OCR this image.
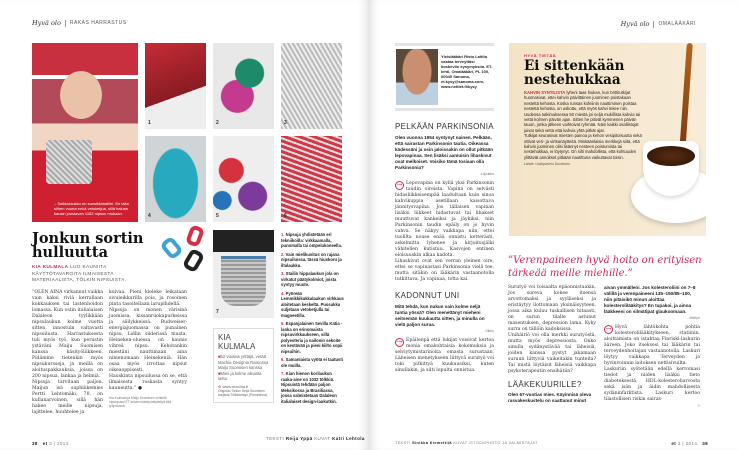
Hyvä olo RAKAS HARRASTUS
– Salkkulaukku on suosikkimallini. En laita siihen vuorta enkä vetoketjua, sillä haluan kausin joustavan 1152 nipsun mukaan.
1	2	3
4	5	6
7
Jonkun sortin hulluutta
KIA KULMALA LUO KAUNIITA KÄYTTÖTAVAROITA ILMAISESTA MATERIAALISTA, TÖLKIN NIPSUISTA.
”OLEN AINA virkannut vaikka vain kaksi riviä kerrallaan kokkauksen tai lastenhoidon lomassa. Kun ostin italialaisen Dalaleon tyylikkään nipsulaukun kolme vuotta sitten, innostuin valtavasti nipsuilusta. Harrastuksesta tuli myös työ, kun perustin ystäväni Maiju Suomisen kanssa käsityöliikkeen. Pidämme tietenkin myös nipsukursseja, ja meillä on aloituspakkauksia, joissa on 200 nipsua, lankaa ja helmiä.
Nipsuja tarvitaan paljon. Maijun isä suphliikemies Pertti Lehtomäki, 70, on kullanarvoinen, sillä hän hakee meille nipsuja, lajittelee, huuhtelee ja
kuivaa. Pieni kieleke leikataan sivuleikkurilla pois, ja rosoinen pinta tasoitellaan laruplhdellä.
Nipsuja on monen värisinä juomissa, kissanruokapurkeissa ja säilykkeissä. Budweiser-energiajuomassa on punainen nipsu, Lidlin siiderissä musta. Heineken-oluessa on kaunis vihreä nipsu. Kehotankin miestäni nauttimaan aina nimenomaan Heinekeniä. Hän osaa myös irrottaa nipsut oikeaoppisesti.
Hauskinta nipsuilussa on se, että ilmaisesta roskasta syntyy kauneutta.” ●
Kia Kulmala ja Maiju Suominen veistelit nipsupussi ET-lehden käsityönäyttelyä eitä työpisussa.
KIA KULMALA
■52-vuotias yrittäjä, vetää Machia Designia Raisiossa Maiju Suomisen kanssa
■Mies ja kolme aikuista lasta
⊕ www.machia.fi
Obgekto Tiekov Seija Suomisen korjasta Tölkkdesign (Pieosilinna)
1. Nipsuja yhdistetään eri tekniikoilla: virkkaamalla, punomalla tai ompelukoneella.
2. Vain mielikuvitus on rajana nipsuiluissa, tässä hiuskoru ja iltalaukku.
3. Stailin hippalaukun jola on virkatut päätykolmiot, joista syntyy muoto.
4. Pyöreän Lemmikkikukkalaukun virkkaus aloitetaan keskeltä. Pussukka suljetaan vetoketjulla tai magneetilla.
5. Espanjalainen Sevilla Katia -lanka on erinomaista nipsuvirkkaukseen, sillä polyesteria ja nailonin sekoite on kestävää ja pieni kiilto sopii nipsuihin.
6. Samanlaista vyötä ei taatusti ole muilla.
7. Kian hienon korilaukun raaka-aine on 1032 tölkkiä. Nipsuistä tehdään paljon Meksikossa ja Brasiliassa, jossa valmistetaan Dalaleon italialaiset design-laukutkin.
TEKSTI Reija Yppä KUVAT Katri Lehtola
38 et 3 | 2014
Hyvä olo OMALÄÄKÄRI
Yleislääkäri Risto Laitila vastaa terveyttäsi koskeviin kysymyksiin. ET-lehti, Omalääkäri, PL 100, 00040 Sanoma, et.kysy@sanoma.com, www.nettiet.fi/kysy
PELKÄÄN PARKINSONIA
Olen vuonna 1954 syntynyt nainen. Pelkään, että sairastan Parkinsonin tautia. Oikeassa kädessäni ja osin jaloissakin on ollut pitkään lepovapinaa. Sen lisäksi aamuisin lihaskivut ovat melkoiset. Voisiko tämä tosiaan olla Parkinsonia?
-Lilpukko
→ Lepovapina on kyllä yksi Parkinsonin taudin oireista. Vapina on selvästi hidasliikkeisempää laadultaan kuin sinoa kahvikuppia asetillaan kaisottava jännitysvapina. Jos tällaisen vapinan lisäksi liikkeet hidastuvat tai lihakset muuttuvat kankeiksi ja jäykiksi, niin Parkinsonin taudin epäily on jo hyvin vahva. Se näkyy vaikkapa niin, ettei tuolilta nouse enää onnistu ketterästi, askelmitta lyhenee ja kirjoitusjälki vähitellen kutistuu. Kasvojen entinen eloisuuskin alkaa kadota.
Lihaskivut ovat sen verran yleinen oire, ettei se vapinastasi Parkinsonia vielä tee, mutta sitäkin on lääkärin vastaanotolla tutkittava. Ja vapinaa, totta kai.
KADONNUT UNI
Mitä tehdä, kun nukun vain kolme neljä tuntia yössä? Olen menettänyt mieheni seitsemän kuukautta sitten, ja minulla on vielä paljon surua.
-Vikey
→ Epäilenpä että lukijat voisivat kertoa monia omakohtaisia kokemuksia ja selviytymistarinoita omasta surustaan. Läheisen menetykseen liittyvä surutyö voi toki pitkittyä kuukausiksi, kuten sinullakin, ja silti lopulta onnistua.
HYVÄ TIETÄÄ
Ei sittenkään nestehukkaa
KAHVIN SYNTILISTA lyheni taas hiukan, kun brittitutkijat huomasivat, ettei kahvin päivittäinen juominen poistakaan nestettä kehosta. Koska runsas kofeiinin nauttiminen poistaa nestettä kehosta, on uskottu, että myös kahvi tekee niin.
Uudessa tutkimuksessa 50 miestä joi neljä mukillista kahvia tai vettä kolmen päivän ajan. Sitten he pitivät kymmenen päivän tauon, jonka jälkeen vaihtoivat ryhmää. Näin kaikki osallistujat joivat sekä vettä että kahvia yhtä pitkät ajat.
Tutkijat seurasivat miesten painoa ja kehon vesipitoisuutta sekä ottivat veri- ja virtsanäytteitä. Minkäänlaisia merkkejä siitä, että kahvin juominen olisi lisännyt nesteen poistumista tai nestehukkaa, ei löytynyt. On silti mahdollista, että kohtuuden ylittävät annokset pitkään nautittuna vaikuttavat toisin.
Lähde: Uutispalvelu Duodecim
”Verenpaineen hyvä hoito on erityisen tärkeää meille miehille.”
Surutyö voi toisaalta epäonnistuakin. Jos sureva kokee itsensä arvottomaksi ja syylliseksi ja eristäytyy ilottomaan yksinäisyyteen, jossa aika kuluu tuskallisen hitaasti, on surun tilalle astunut masentuksen, depression lama. Kyky surra on tällöin kadoksissa.
Unihäiriö voi olla merkki surutyöstä, mutta myös depressiosta. Onko sinulla sydänystävää tai läheisiä, joiden kanssa pystyt jakamaan suruun liittyviä vaikeitakin tunteita? Tai mistä löytäisit läheisiä vaikkapa psykoterapeutin ensihätiin?
LÄÄKEKUURILLE?
Olen 67-vuotias mies. Käyinnisä oleva rasvakeskustelu on saattanut minut
aivan ymmälleni. Jos kolesteroliini on 7–8 välillä ja verenpaineeni 135–150/85–100, niin pitäisikö minun aloittaa kolesterolilääkitys? En tupakoi, ja ainoa lääkkeeni on silmätipat glaukoomaan.
-Mietyö
→ Hyvä lähtökohta pohtia kolesterolilääkitykseen, statiinin, aloittamista on istahtaa Finriski-laskurin ääreen. Joko itseksesi tai lääkärin tai terveydenhoitajan vastaanotolla. Laskuri löytyy vaikkapa Terveyden ja hyvinvoinnin laitoksen nettisivuilta.
Laskuriin syötetään edellä kerromasi tiedot ja niiden lisäksi tieto diabeteksestä, HDL-kolesteroliarvosta sekä isän ja äidin mahdollisesta sydäninfarktista. Laskuri kertoo tilastollisen riskin sairas-
»
TEKSTI Sinikka Klemettilä KUVAT ISTOCKPHOTO JA VALMISTAJAT	et 3 | 2014 39
